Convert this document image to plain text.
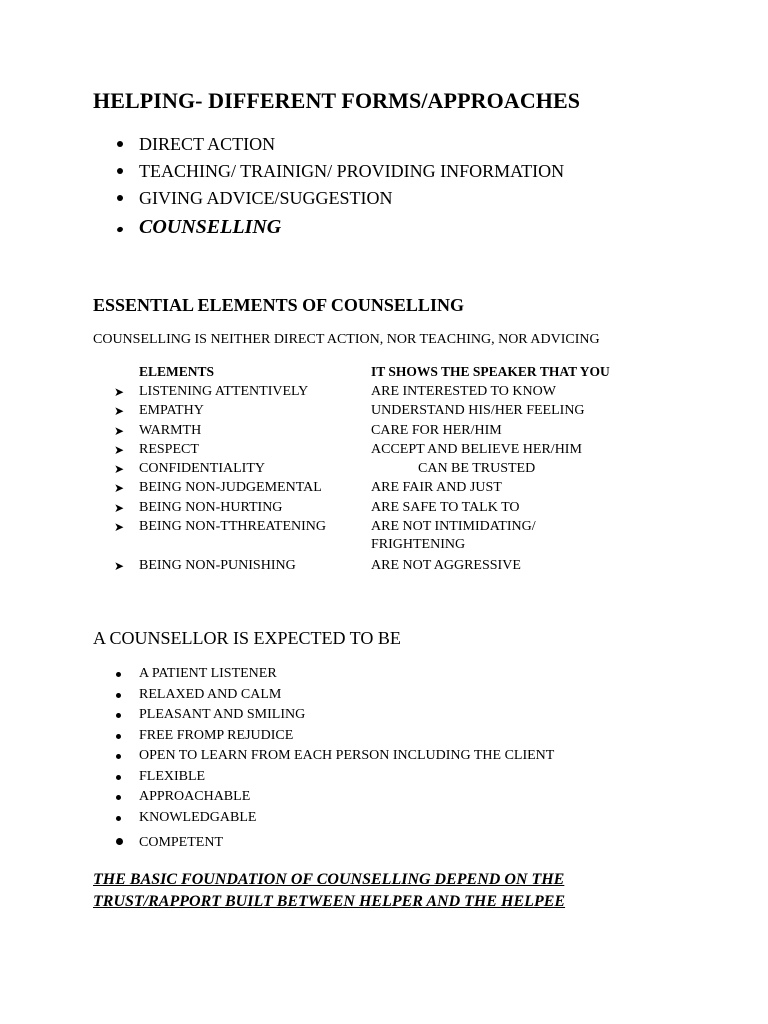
HELPING- DIFFERENT FORMS/APPROACHES
DIRECT ACTION
TEACHING/ TRAINIGN/ PROVIDING INFORMATION
GIVING ADVICE/SUGGESTION
COUNSELLING
ESSENTIAL ELEMENTS OF COUNSELLING
COUNSELLING IS NEITHER DIRECT ACTION, NOR TEACHING, NOR ADVICING
ELEMENTS	IT SHOWS THE SPEAKER THAT YOU
➤ LISTENING ATTENTIVELY	ARE INTERESTED TO KNOW
➤ EMPATHY	UNDERSTAND HIS/HER FEELING
➤ WARMTH	CARE FOR HER/HIM
➤ RESPECT	ACCEPT AND BELIEVE HER/HIM
➤ CONFIDENTIALITY	CAN BE TRUSTED
➤ BEING NON-JUDGEMENTAL	ARE FAIR AND JUST
➤ BEING NON-HURTING	ARE SAFE TO TALK TO
➤ BEING NON-TTHREATENING	ARE NOT INTIMIDATING/ FRIGHTENING
➤ BEING NON-PUNISHING	ARE NOT AGGRESSIVE
A COUNSELLOR IS EXPECTED TO BE
A PATIENT LISTENER
RELAXED AND CALM
PLEASANT AND SMILING
FREE FROMP REJUDICE
OPEN TO LEARN FROM EACH PERSON INCLUDING THE CLIENT
FLEXIBLE
APPROACHABLE
KNOWLEDGABLE
COMPETENT
THE BASIC FOUNDATION OF COUNSELLING DEPEND ON THE
TRUST/RAPPORT BUILT BETWEEN HELPER AND THE HELPEE
